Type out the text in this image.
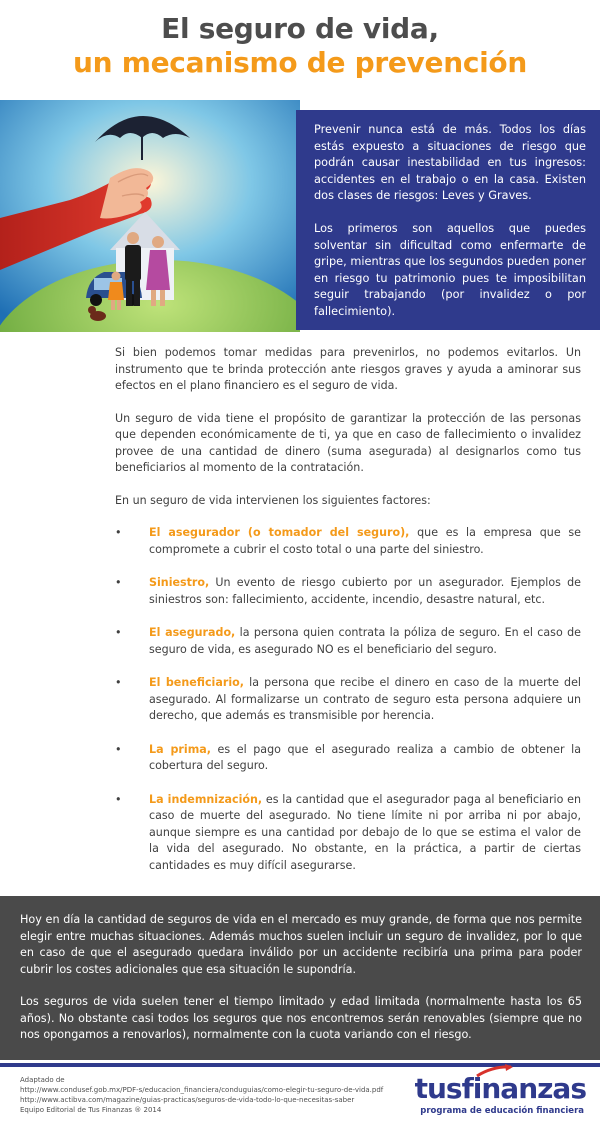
El seguro de vida,
un mecanismo de prevención

Prevenir nunca está de más. Todos los días estás expuesto a situaciones de riesgo que podrán causar inestabilidad en tus ingresos: accidentes en el trabajo o en la casa. Existen dos clases de riesgos: Leves y Graves.

Los primeros son aquellos que puedes solventar sin dificultad como enfermarte de gripe, mientras que los segundos pueden poner en riesgo tu patrimonio pues te imposibilitan seguir trabajando (por invalidez o por fallecimiento).

Si bien podemos tomar medidas para prevenirlos, no podemos evitarlos. Un instrumento que te brinda protección ante riesgos graves y ayuda a aminorar sus efectos en el plano financiero es el seguro de vida.

Un seguro de vida tiene el propósito de garantizar la protección de las personas que dependen económicamente de ti, ya que en caso de fallecimiento o invalidez provee de una cantidad de dinero (suma asegurada) al designarlos como tus beneficiarios al momento de la contratación.

En un seguro de vida intervienen los siguientes factores:

• El asegurador (o tomador del seguro), que es la empresa que se compromete a cubrir el costo total o una parte del siniestro.
• Siniestro, Un evento de riesgo cubierto por un asegurador. Ejemplos de siniestros son: fallecimiento, accidente, incendio, desastre natural, etc.
• El asegurado, la persona quien contrata la póliza de seguro. En el caso de seguro de vida, es asegurado NO es el beneficiario del seguro.
• El beneficiario, la persona que recibe el dinero en caso de la muerte del asegurado. Al formalizarse un contrato de seguro esta persona adquiere un derecho, que además es transmisible por herencia.
• La prima, es el pago que el asegurado realiza a cambio de obtener la cobertura del seguro.
• La indemnización, es la cantidad que el asegurador paga al beneficiario en caso de muerte del asegurado. No tiene límite ni por arriba ni por abajo, aunque siempre es una cantidad por debajo de lo que se estima el valor de la vida del asegurado. No obstante, en la práctica, a partir de ciertas cantidades es muy difícil asegurarse.

Hoy en día la cantidad de seguros de vida en el mercado es muy grande, de forma que nos permite elegir entre muchas situaciones. Además muchos suelen incluir un seguro de invalidez, por lo que en caso de que el asegurado quedara inválido por un accidente recibiría una prima para poder cubrir los costes adicionales que esa situación le supondría.

Los seguros de vida suelen tener el tiempo limitado y edad limitada (normalmente hasta los 65 años). No obstante casi todos los seguros que nos encontremos serán renovables (siempre que no nos opongamos a renovarlos), normalmente con la cuota variando con el riesgo.

Adaptado de
http://www.condusef.gob.mx/PDF-s/educacion_financiera/conduguias/como-elegir-tu-seguro-de-vida.pdf
http://www.actibva.com/magazine/guias-practicas/seguros-de-vida-todo-lo-que-necesitas-saber
Equipo Editorial de Tus Finanzas ® 2014
tusfinanzas
programa de educación financiera
